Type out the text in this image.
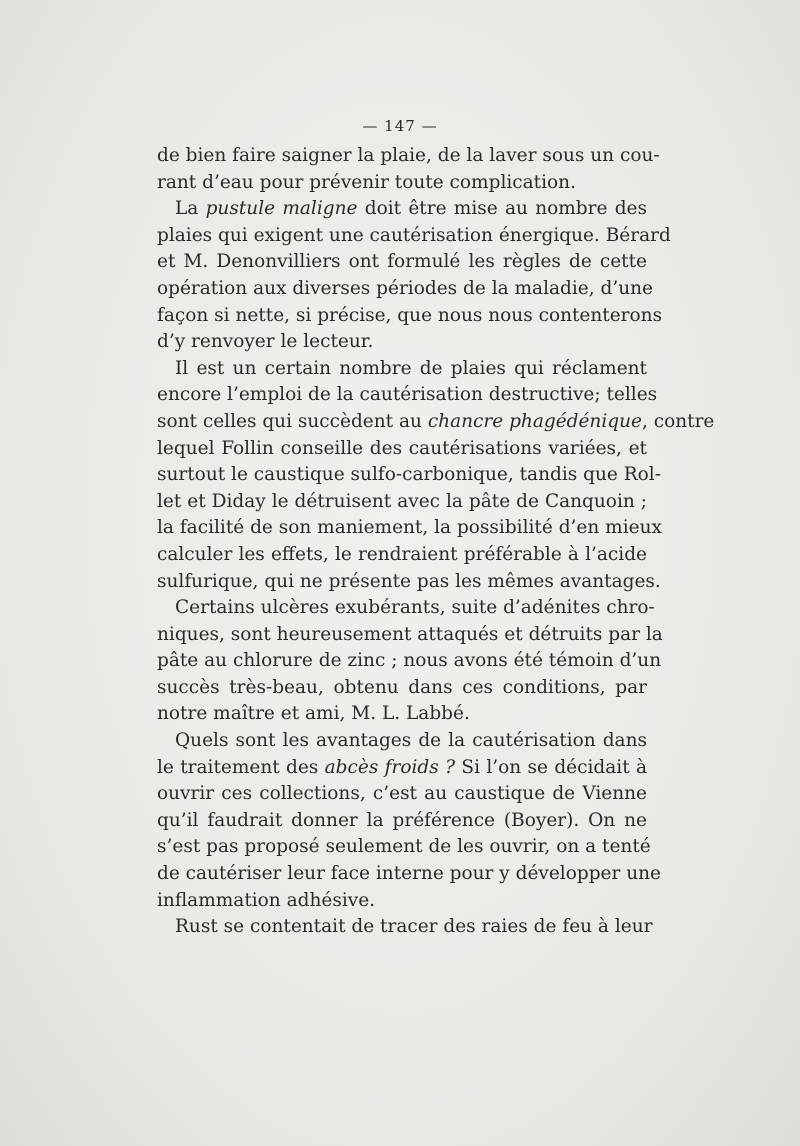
— 147 —
de bien faire saigner la plaie, de la laver sous un cou-
rant d’eau pour prévenir toute complication.
La pustule maligne doit être mise au nombre des
plaies qui exigent une cautérisation énergique. Bérard
et M. Denonvilliers ont formulé les règles de cette
opération aux diverses périodes de la maladie, d’une
façon si nette, si précise, que nous nous contenterons
d’y renvoyer le lecteur.
Il est un certain nombre de plaies qui réclament
encore l’emploi de la cautérisation destructive; telles
sont celles qui succèdent au chancre phagédénique, contre
lequel Follin conseille des cautérisations variées, et
surtout le caustique sulfo-carbonique, tandis que Rol-
let et Diday le détruisent avec la pâte de Canquoin ;
la facilité de son maniement, la possibilité d’en mieux
calculer les effets, le rendraient préférable à l’acide
sulfurique, qui ne présente pas les mêmes avantages.
Certains ulcères exubérants, suite d’adénites chro-
niques, sont heureusement attaqués et détruits par la
pâte au chlorure de zinc ; nous avons été témoin d’un
succès très-beau, obtenu dans ces conditions, par
notre maître et ami, M. L. Labbé.
Quels sont les avantages de la cautérisation dans
le traitement des abcès froids ? Si l’on se décidait à
ouvrir ces collections, c’est au caustique de Vienne
qu’il faudrait donner la préférence (Boyer). On ne
s’est pas proposé seulement de les ouvrir, on a tenté
de cautériser leur face interne pour y développer une
inflammation adhésive.
Rust se contentait de tracer des raies de feu à leur
